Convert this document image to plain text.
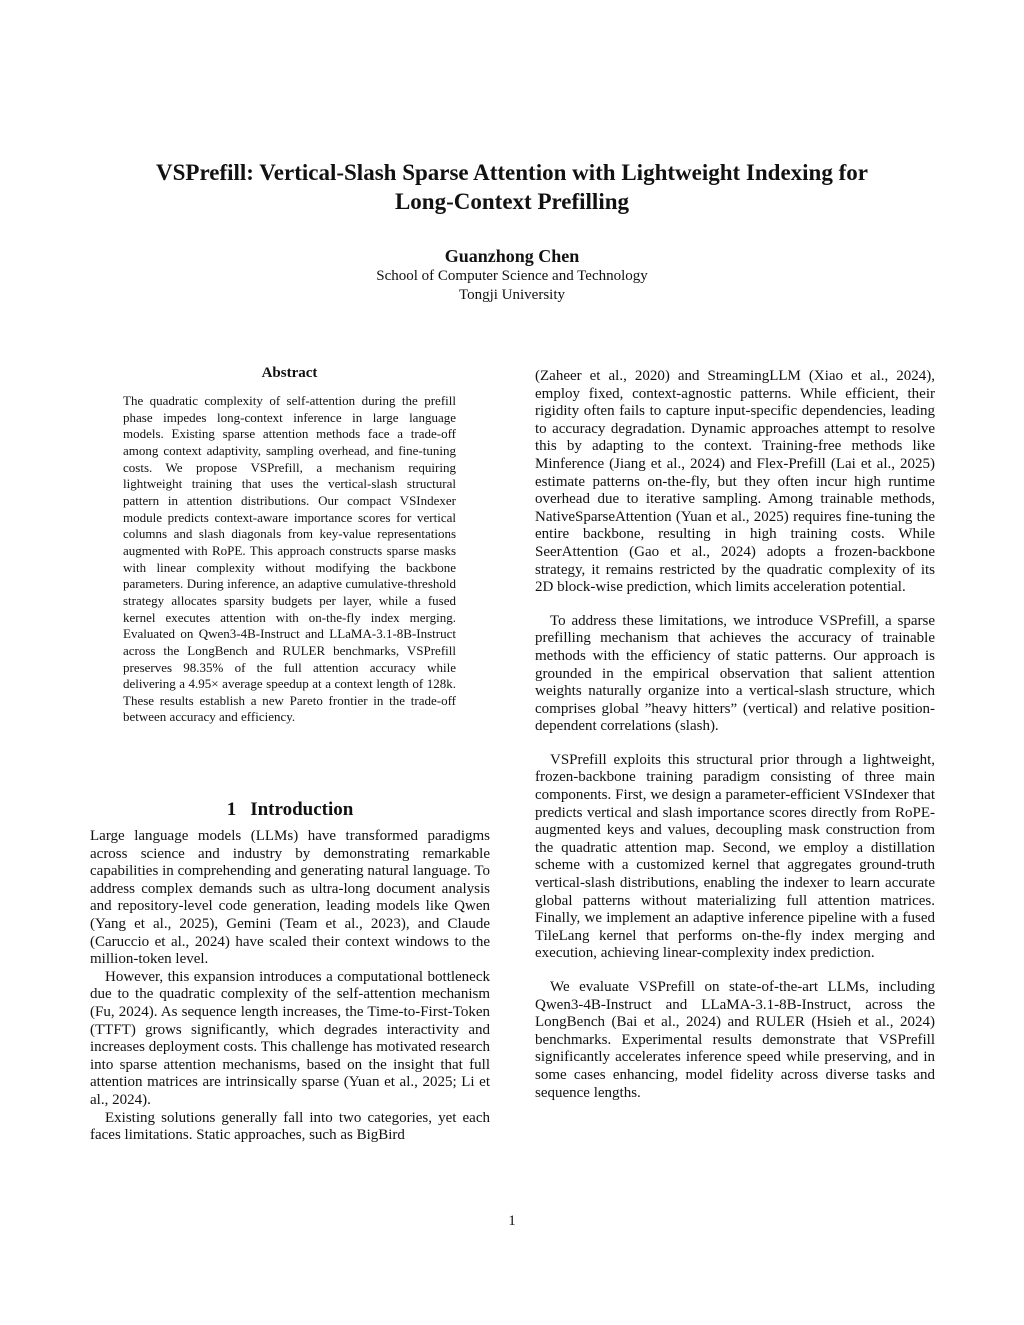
VSPrefill: Vertical-Slash Sparse Attention with Lightweight Indexing for
Long-Context Prefilling
Guanzhong Chen
School of Computer Science and Technology
Tongji University
Abstract

The quadratic complexity of self-attention during the prefill phase impedes long-context inference in large language models. Existing sparse attention methods face a trade-off among context adaptivity, sampling overhead, and fine-tuning costs. We propose VSPrefill, a mechanism requiring lightweight training that uses the vertical-slash structural pattern in attention distributions. Our compact VSIndexer module predicts context-aware importance scores for vertical columns and slash diagonals from key-value representations augmented with RoPE. This approach constructs sparse masks with linear complexity without modifying the backbone parameters. During inference, an adaptive cumulative-threshold strategy allocates sparsity budgets per layer, while a fused kernel executes attention with on-the-fly index merging. Evaluated on Qwen3-4B-Instruct and LLaMA-3.1-8B-Instruct across the LongBench and RULER benchmarks, VSPrefill preserves 98.35% of the full attention accuracy while delivering a 4.95× average speedup at a context length of 128k. These results establish a new Pareto frontier in the trade-off between accuracy and efficiency.

1 Introduction

Large language models (LLMs) have transformed paradigms across science and industry by demonstrating remarkable capabilities in comprehending and generating natural language. To address complex demands such as ultra-long document analysis and repository-level code generation, leading models like Qwen (Yang et al., 2025), Gemini (Team et al., 2023), and Claude (Caruccio et al., 2024) have scaled their context windows to the million-token level.

However, this expansion introduces a computational bottleneck due to the quadratic complexity of the self-attention mechanism (Fu, 2024). As sequence length increases, the Time-to-First-Token (TTFT) grows significantly, which degrades interactivity and increases deployment costs. This challenge has motivated research into sparse attention mechanisms, based on the insight that full attention matrices are intrinsically sparse (Yuan et al., 2025; Li et al., 2024).

Existing solutions generally fall into two categories, yet each faces limitations. Static approaches, such as BigBird

(Zaheer et al., 2020) and StreamingLLM (Xiao et al., 2024), employ fixed, context-agnostic patterns. While efficient, their rigidity often fails to capture input-specific dependencies, leading to accuracy degradation. Dynamic approaches attempt to resolve this by adapting to the context. Training-free methods like Minference (Jiang et al., 2024) and Flex-Prefill (Lai et al., 2025) estimate patterns on-the-fly, but they often incur high runtime overhead due to iterative sampling. Among trainable methods, NativeSparseAttention (Yuan et al., 2025) requires fine-tuning the entire backbone, resulting in high training costs. While SeerAttention (Gao et al., 2024) adopts a frozen-backbone strategy, it remains restricted by the quadratic complexity of its 2D block-wise prediction, which limits acceleration potential.

To address these limitations, we introduce VSPrefill, a sparse prefilling mechanism that achieves the accuracy of trainable methods with the efficiency of static patterns. Our approach is grounded in the empirical observation that salient attention weights naturally organize into a vertical-slash structure, which comprises global ”heavy hitters” (vertical) and relative position-dependent correlations (slash).

VSPrefill exploits this structural prior through a lightweight, frozen-backbone training paradigm consisting of three main components. First, we design a parameter-efficient VSIndexer that predicts vertical and slash importance scores directly from RoPE-augmented keys and values, decoupling mask construction from the quadratic attention map. Second, we employ a distillation scheme with a customized kernel that aggregates ground-truth vertical-slash distributions, enabling the indexer to learn accurate global patterns without materializing full attention matrices. Finally, we implement an adaptive inference pipeline with a fused TileLang kernel that performs on-the-fly index merging and execution, achieving linear-complexity index prediction.

We evaluate VSPrefill on state-of-the-art LLMs, including Qwen3-4B-Instruct and LLaMA-3.1-8B-Instruct, across the LongBench (Bai et al., 2024) and RULER (Hsieh et al., 2024) benchmarks. Experimental results demonstrate that VSPrefill significantly accelerates inference speed while preserving, and in some cases enhancing, model fidelity across diverse tasks and sequence lengths.

1
